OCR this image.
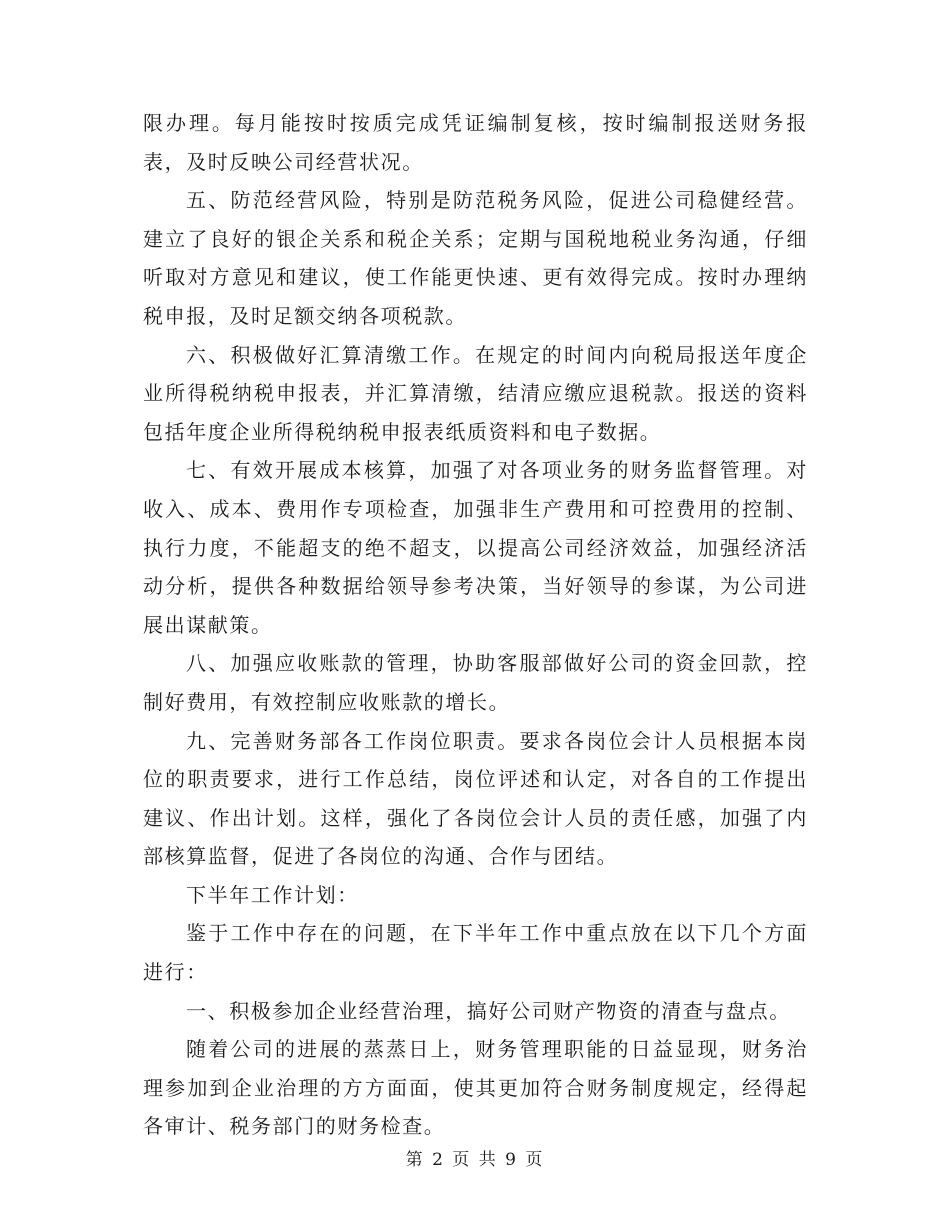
限办理。每月能按时按质完成凭证编制复核，按时编制报送财务报表，及时反映公司经营状况。

五、防范经营风险，特别是防范税务风险，促进公司稳健经营。建立了良好的银企关系和税企关系；定期与国税地税业务沟通，仔细听取对方意见和建议，使工作能更快速、更有效得完成。按时办理纳税申报，及时足额交纳各项税款。

六、积极做好汇算清缴工作。在规定的时间内向税局报送年度企业所得税纳税申报表，并汇算清缴，结清应缴应退税款。报送的资料包括年度企业所得税纳税申报表纸质资料和电子数据。

七、有效开展成本核算，加强了对各项业务的财务监督管理。对收入、成本、费用作专项检查，加强非生产费用和可控费用的控制、执行力度，不能超支的绝不超支，以提高公司经济效益，加强经济活动分析，提供各种数据给领导参考决策，当好领导的参谋，为公司进展出谋献策。

八、加强应收账款的管理，协助客服部做好公司的资金回款，控制好费用，有效控制应收账款的增长。

九、完善财务部各工作岗位职责。要求各岗位会计人员根据本岗位的职责要求，进行工作总结，岗位评述和认定，对各自的工作提出建议、作出计划。这样，强化了各岗位会计人员的责任感，加强了内部核算监督，促进了各岗位的沟通、合作与团结。

下半年工作计划：

鉴于工作中存在的问题，在下半年工作中重点放在以下几个方面进行：

一、积极参加企业经营治理，搞好公司财产物资的清查与盘点。

随着公司的进展的蒸蒸日上，财务管理职能的日益显现，财务治理参加到企业治理的方方面面，使其更加符合财务制度规定，经得起各审计、税务部门的财务检查。

第 2 页 共 9 页
